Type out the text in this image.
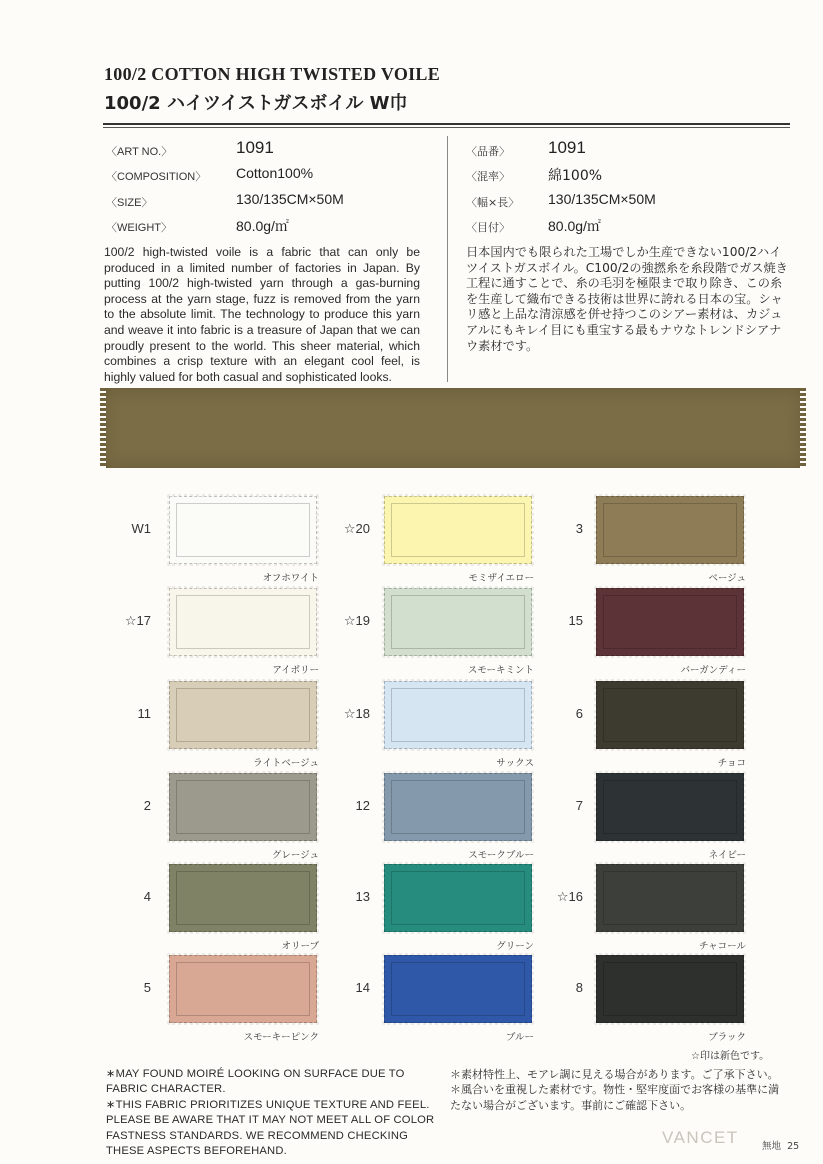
100/2 COTTON HIGH TWISTED VOILE
100/2 ハイツイストガスボイル W巾
〈ART NO.〉	1091
〈COMPOSITION〉 Cotton100%
〈SIZE〉	130/135CM×50M
〈WEIGHT〉	80.0g/㎡
〈品番〉 1091
〈混率〉	綿100%
〈幅×長〉 130/135CM×50M
〈目付〉	80.0g/㎡
100/2 high-twisted voile is a fabric that can only be produced in a limited number of factories in Japan. By putting 100/2 high-twisted yarn through a gas-burning process at the yarn stage, fuzz is removed from the yarn to the absolute limit. The technology to produce this yarn and weave it into fabric is a treasure of Japan that we can proudly present to the world. This sheer material, which combines a crisp texture with an elegant cool feel, is highly valued for both casual and sophisticated looks.
日本国内でも限られた工場でしか生産できない100/2ハイツイストガスボイル。C100/2の強撚糸を糸段階でガス焼き工程に通すことで、糸の毛羽を極限まで取り除き、この糸を生産して織布できる技術は世界に誇れる日本の宝。シャリ感と上品な清涼感を併せ持つこのシアー素材は、カジュアルにもキレイ目にも重宝する最もナウなトレンドシアナウ素材です。
W1
オフホワイト
☆17
アイボリー
11
ライトベージュ
2
グレージュ
4
オリーブ
5
スモーキーピンク
☆20
モミザイエロー
☆19
スモーキミント
☆18
サックス
12
スモークブルー
13
グリーン
14
ブルー
3
ベージュ
15
バーガンディー
6
チョコ
7
ネイビー
☆16
チャコール
8
ブラック
☆印は新色です。
∗MAY FOUND MOIRÉ LOOKING ON SURFACE DUE TO FABRIC CHARACTER.
∗THIS FABRIC PRIORITIZES UNIQUE TEXTURE AND FEEL. PLEASE BE AWARE THAT IT MAY NOT MEET ALL OF COLOR FASTNESS STANDARDS. WE RECOMMEND CHECKING THESE ASPECTS BEFOREHAND.
＊素材特性上、モアレ調に見える場合があります。ご了承下さい。
＊風合いを重視した素材です。物性・堅牢度面でお客様の基準に満たない場合がございます。事前にご確認下さい。
VANCET 無地 25
